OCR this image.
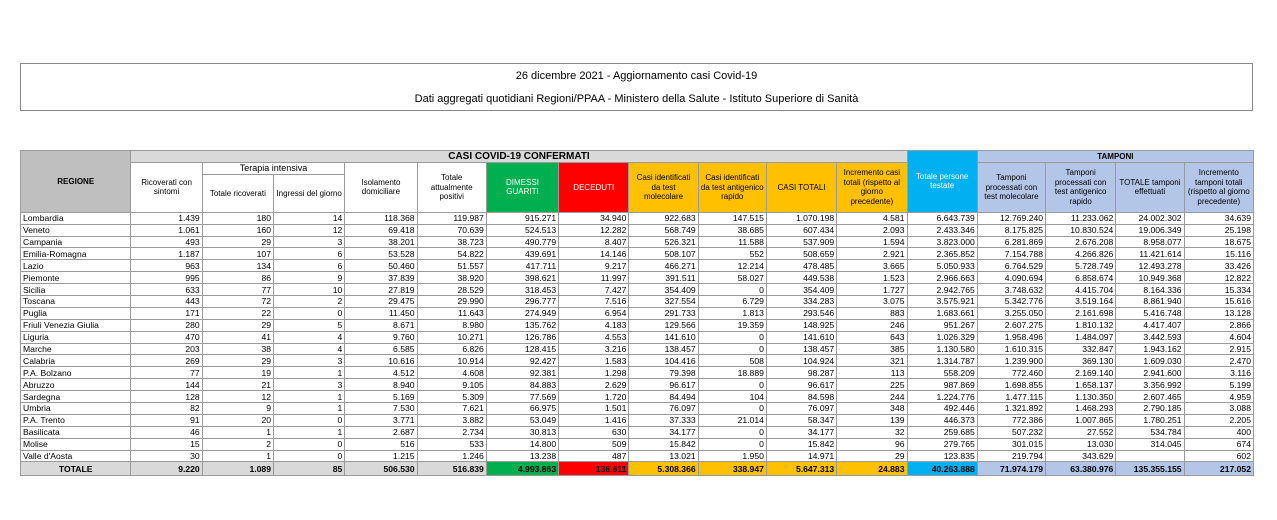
26 dicembre 2021 - Aggiornamento casi Covid-19
Dati aggregati quotidiani Regioni/PPAA - Ministero della Salute - Istituto Superiore di Sanità
REGIONE	CASI COVID-19 CONFERMATI											Totale persone testate	TAMPONI			
	Ricoverati con sintomi	Terapia intensiva		Isolamento domiciliare	Totale attualmente positivi	DIMESSI GUARITI	DECEDUTI	Casi identificati da test molecolare	Casi identificati da test antigenico rapido	CASI TOTALI	Incremento casi totali (rispetto al giorno precedente)		Tamponi processati con test molecolare	Tamponi processati con test antigenico rapido	TOTALE tamponi effettuati	Incremento tamponi totali (rispetto al giorno precedente)
		Totale ricoverati	Ingressi del giorno													
Lombardia	1.439	180	14	118.368	119.987	915.271	34.940	922.683	147.515	1.070.198	4.581	6.643.739	12.769.240	11.233.062	24.002.302	34.639
Veneto	1.061	160	12	69.418	70.639	524.513	12.282	568.749	38.685	607.434	2.093	2.433.346	8.175.825	10.830.524	19.006.349	25.198
Campania	493	29	3	38.201	38.723	490.779	8.407	526.321	11.588	537.909	1.594	3.823.000	6.281.869	2.676.208	8.958.077	18.675
Emilia-Romagna	1.187	107	6	53.528	54.822	439.691	14.146	508.107	552	508.659	2.921	2.365.852	7.154.788	4.266.826	11.421.614	15.116
Lazio	963	134	6	50.460	51.557	417.711	9.217	466.271	12.214	478.485	3.665	5.050.933	6.764.529	5.728.749	12.493.278	33.426
Piemonte	995	86	9	37.839	38.920	398.621	11.997	391.511	58.027	449.538	1.523	2.966.663	4.090.694	6.858.674	10.949.368	12.822
Sicilia	633	77	10	27.819	28.529	318.453	7.427	354.409	0	354.409	1.727	2.942.765	3.748.632	4.415.704	8.164.336	15.334
Toscana	443	72	2	29.475	29.990	296.777	7.516	327.554	6.729	334.283	3.075	3.575.921	5.342.776	3.519.164	8.861.940	15.616
Puglia	171	22	0	11.450	11.643	274.949	6.954	291.733	1.813	293.546	883	1.683.661	3.255.050	2.161.698	5.416.748	13.128
Friuli Venezia Giulia	280	29	5	8.671	8.980	135.762	4.183	129.566	19.359	148.925	246	951.267	2.607.275	1.810.132	4.417.407	2.866
Liguria	470	41	4	9.760	10.271	126.786	4.553	141.610	0	141.610	643	1.026.329	1.958.496	1.484.097	3.442.593	4.604
Marche	203	38	4	6.585	6.826	128.415	3.216	138.457	0	138.457	385	1.130.580	1.610.315	332.847	1.943.162	2.915
Calabria	269	29	3	10.616	10.914	92.427	1.583	104.416	508	104.924	321	1.314.787	1.239.900	369.130	1.609.030	2.470
P.A. Bolzano	77	19	1	4.512	4.608	92.381	1.298	79.398	18.889	98.287	113	558.209	772.460	2.169.140	2.941.600	3.116
Abruzzo	144	21	3	8.940	9.105	84.883	2.629	96.617	0	96.617	225	987.869	1.698.855	1.658.137	3.356.992	5.199
Sardegna	128	12	1	5.169	5.309	77.569	1.720	84.494	104	84.598	244	1.224.776	1.477.115	1.130.350	2.607.465	4.959
Umbria	82	9	1	7.530	7.621	66.975	1.501	76.097	0	76.097	348	492.446	1.321.892	1.468.293	2.790.185	3.088
P.A. Trento	91	20	0	3.771	3.882	53.049	1.416	37.333	21.014	58.347	139	446.373	772.386	1.007.865	1.780.251	2.205
Basilicata	46	1	1	2.687	2.734	30.813	630	34.177	0	34.177	32	259.685	507.232	27.552	534.784	400
Molise	15	2	0	516	533	14.800	509	15.842	0	15.842	96	279.765	301.015	13.030	314.045	674
Valle d'Aosta	30	1	0	1.215	1.246	13.238	487	13.021	1.950	14.971	29	123.835	219.794	343.629		602
TOTALE	9.220	1.089	85	506.530	516.839	4.993.863	136.611	5.308.366	338.947	5.647.313	24.883	40.263.888	71.974.179	63.380.976	135.355.155	217.052
